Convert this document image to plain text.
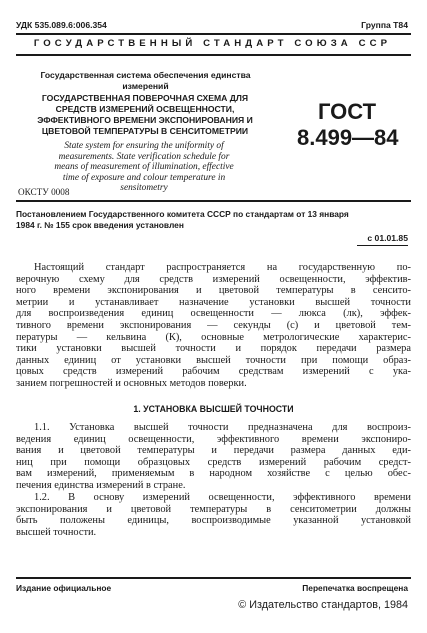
УДК 535.089.6:006.354	Группа Т84
ГОСУДАРСТВЕННЫЙ СТАНДАРТ СОЮЗА ССР
Государственная система обеспечения единства
измерений
ГОСУДАРСТВЕННАЯ ПОВЕРОЧНАЯ СХЕМА ДЛЯ
СРЕДСТВ ИЗМЕРЕНИЙ ОСВЕЩЕННОСТИ,
ЭФФЕКТИВНОГО ВРЕМЕНИ ЭКСПОНИРОВАНИЯ И
ЦВЕТОВОЙ ТЕМПЕРАТУРЫ В СЕНСИТОМЕТРИИ
State system for ensuring the uniformity of
measurements. State verification schedule for
means of measurement of illumination, effective
time of exposure and colour temperature in
sensitometry
ОКСТУ 0008
ГОСТ
8.499—84
Постановлением Государственного комитета СССР по стандартам от 13 января
1984 г. № 155 срок введения установлен
с 01.01.85
Настоящий стандарт распространяется на государственную по-
верочную схему для средств измерений освещенности, эффектив-
ного времени экспонирования и цветовой температуры в сенсито-
метрии и устанавливает назначение установки высшей точности
для воспроизведения единиц освещенности — люкса (лк), эффек-
тивного времени экспонирования — секунды (с) и цветовой тем-
пературы — кельвина (К), основные метрологические характерис-
тики установки высшей точности и порядок передачи размера
данных единиц от установки высшей точности при помощи образ-
цовых средств измерений рабочим средствам измерений с ука-
занием погрешностей и основных методов поверки.
1. УСТАНОВКА ВЫСШЕЙ ТОЧНОСТИ
1.1. Установка высшей точности предназначена для воспроиз-
ведения единиц освещенности, эффективного времени экспониро-
вания и цветовой температуры и передачи размера данных еди-
ниц при помощи образцовых средств измерений рабочим средст-
вам измерений, применяемым в народном хозяйстве с целью обес-
печения единства измерений в стране.
1.2. В основу измерений освещенности, эффективного времени
экспонирования и цветовой температуры в сенситометрии должны
быть положены единицы, воспроизводимые указанной установкой
высшей точности.
Издание официальное	Перепечатка воспрещена
© Издательство стандартов, 1984
